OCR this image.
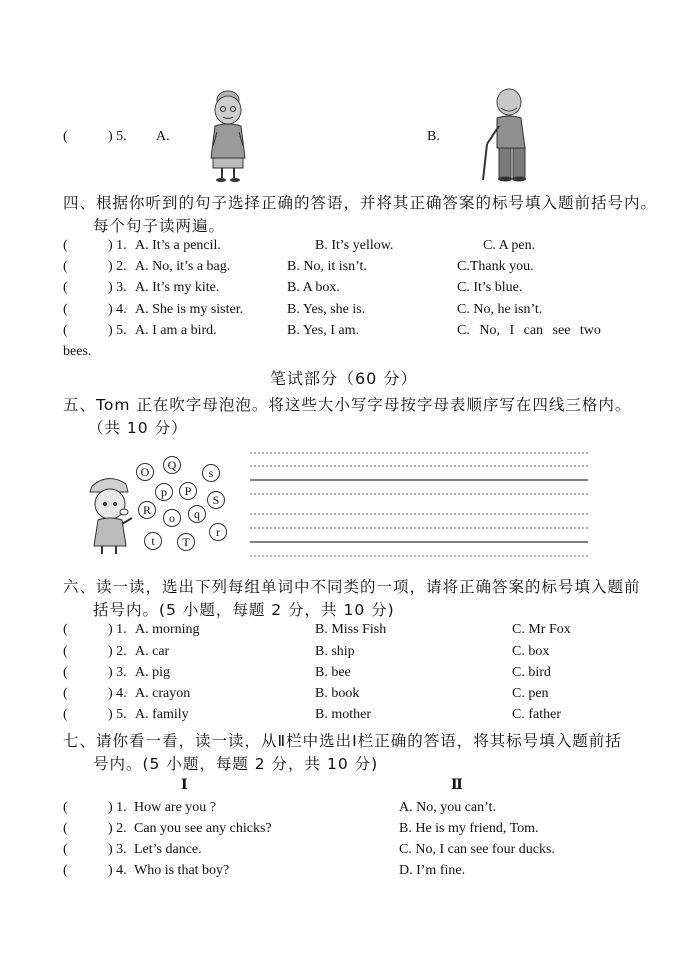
(	) 5. A.	B.
四、根据你听到的句子选择正确的答语，并将其正确答案的标号填入题前括号内。
每个句子读两遍。
(	) 1. A. It’s a pencil.	B. It’s yellow.	C. A pen.
(	) 2. A. No, it’s a bag.	B. No, it isn’t.	C.Thank you.
(	) 3. A. It’s my kite.	B. A box.	C. It’s blue.
(	) 4. A. She is my sister.	B. Yes, she is.	C. No, he isn’t.
(	) 5. A. I am a bird.	B. Yes, I am.	C. No, I can see two
bees.
笔试部分（60 分）
五、Tom 正在吹字母泡泡。将这些大小写字母按字母表顺序写在四线三格内。
（共 10 分）
O Q
s
p P
S
R
o q
r
t T
六、读一读，选出下列每组单词中不同类的一项，请将正确答案的标号填入题前
括号内。(5 小题，每题 2 分，共 10 分)
(	) 1. A. morning	B. Miss Fish	C. Mr Fox
(	) 2. A. car	B. ship	C. box
(	) 3. A. pig	B. bee	C. bird
(	) 4. A. crayon	B. book	C. pen
(	) 5. A. family	B. mother	C. father
七、请你看一看，读一读，从Ⅱ栏中选出Ⅰ栏正确的答语，将其标号填入题前括
号内。(5 小题，每题 2 分，共 10 分)
Ⅰ	Ⅱ
(	) 1. How are you ?	A. No, you can’t.
(	) 2. Can you see any chicks?	B. He is my friend, Tom.
(	) 3. Let’s dance.	C. No, I can see four ducks.
(	) 4. Who is that boy?	D. I’m fine.
